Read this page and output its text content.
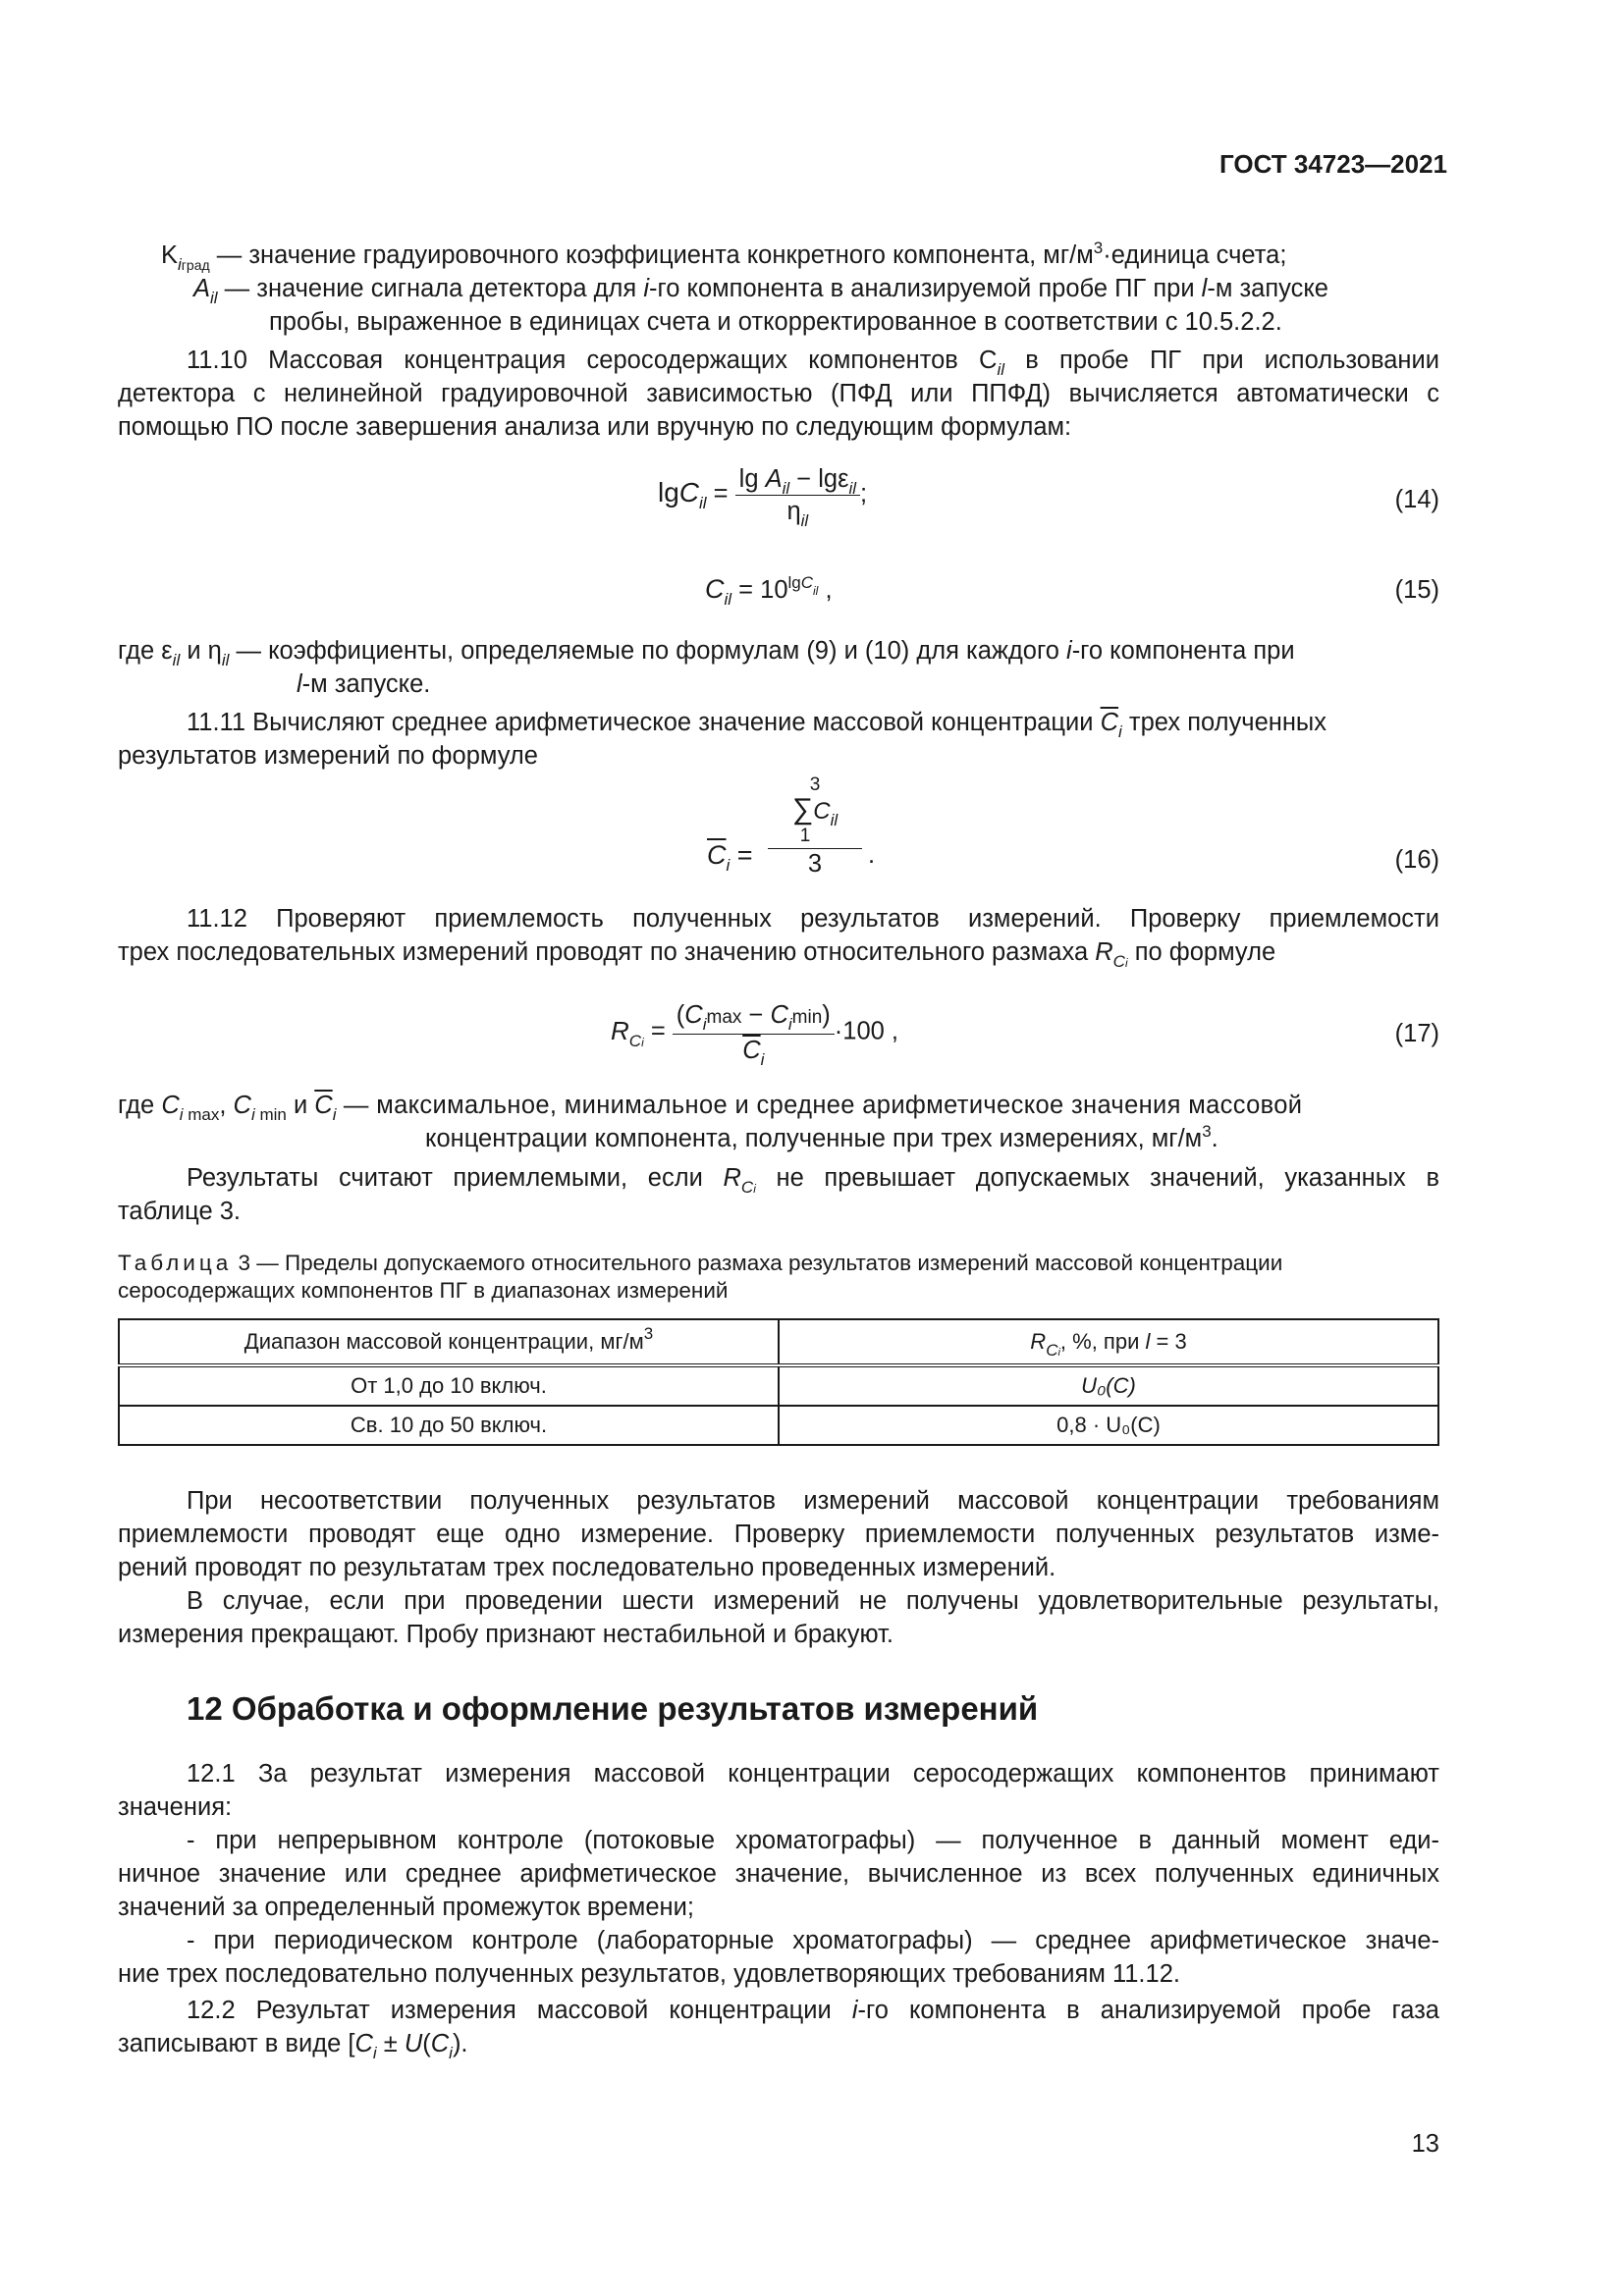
ГОСТ 34723—2021
$K_{iград}$ — значение градуировочного коэффициента конкретного компонента, $мг/м^3\cdot единица$ счета;
$A_{il}$ — значение сигнала детектора для i-го компонента в анализируемой пробе ПГ при l-м запуске
пробы, выраженное в единицах счета и откорректированное в соответствии с 10.5.2.2.
11.10 Массовая концентрация серосодержащих компонентов $C_{il}$ в пробе ПГ при использовании
детектора с нелинейной градуировочной зависимостью (ПФД или ППФД) вычисляется автоматически с
помощью ПО после завершения анализа или вручную по следующим формулам:
$\lg C_{il} = \frac{\lg A_{il} - \lg\varepsilon_{il}}{\eta_{il}}$ ;	(14)
$C_{il} = 10^{lgC_{il}}$ ,	(15)
где $\varepsilon_{il}$ и $\eta_{il}$ — коэффициенты, определяемые по формулам (9) и (10) для каждого i-го компонента при
l-м запуске.
11.11 Вычисляют среднее арифметическое значение массовой концентрации $\overline{C}_i$ трех полученных
результатов измерений по формуле
$\overline{C}_i$ =
3
$\sum C_{il}$
1
3	.	(16)
11.12 Проверяют приемлемость полученных результатов измерений. Проверку приемлемости
трех последовательных измерений проводят по значению относительного размаха $R_{Ci}$ по формуле
$R_{Ci} = \frac{(C_i\max - C_i\min)}{\overline{C}_i} \cdot 100$ ,	(17)
где $C_i$ $_{max}$, $C_i$ $_{min}$ и $\overline{C}_i$ — максимальное, минимальное и среднее арифметическое значения массовой
концентрации компонента, полученные при трех измерениях, $мг/м^3$.
Результаты считают приемлемыми, если $R_{Ci}$ не превышает допускаемых значений, указанных в
таблице 3.
Таблица 3 — Пределы допускаемого относительного размаха результатов измерений массовой концентрации
серосодержащих компонентов ПГ в диапазонах измерений
Диапазон массовой концентрации, $мг/м^3$	$R_{Ci}$, %, при l = 3
От 1,0 до 10 включ.	U₀(C)
Св. 10 до 50 включ.	0,8 · U₀(C)
При несоответствии полученных результатов измерений массовой концентрации требованиям
приемлемости проводят еще одно измерение. Проверку приемлемости полученных результатов изме-
рений проводят по результатам трех последовательно проведенных измерений.
В случае, если при проведении шести измерений не получены удовлетворительные результаты,
измерения прекращают. Пробу признают нестабильной и бракуют.
12 Обработка и оформление результатов измерений
12.1 За результат измерения массовой концентрации серосодержащих компонентов принимают
значения:
- при непрерывном контроле (потоковые хроматографы) — полученное в данный момент еди-
ничное значение или среднее арифметическое значение, вычисленное из всех полученных единичных
значений за определенный промежуток времени;
- при периодическом контроле (лабораторные хроматографы) — среднее арифметическое значе-
ние трех последовательно полученных результатов, удовлетворяющих требованиям 11.12.
12.2 Результат измерения массовой концентрации i-го компонента в анализируемой пробе газа
записывают в виде [$C_i \pm U(C_i)$.
13
